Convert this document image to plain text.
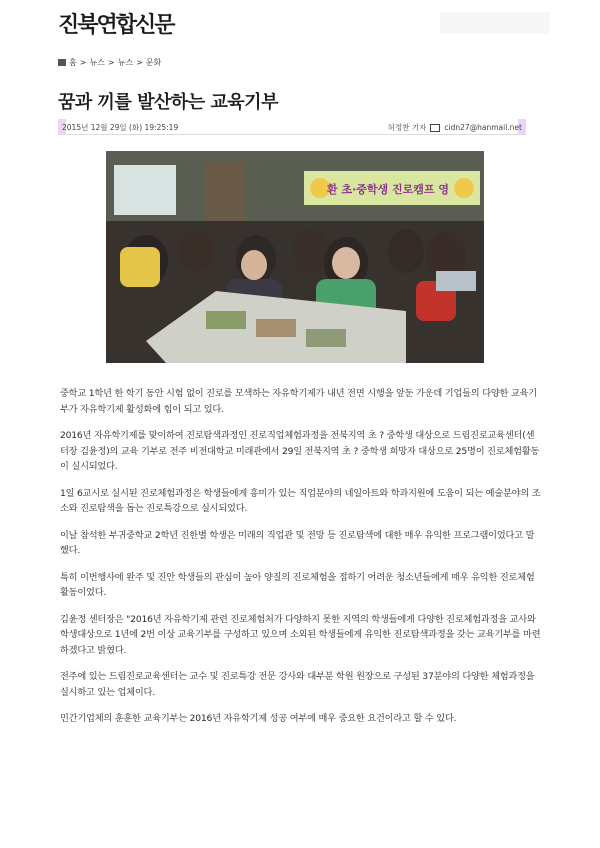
진북연합신문
홈 > 뉴스 > 뉴스 > 문화
꿈과 끼를 발산하는 교육기부
2015년 12월 29일 (화) 19:25:19	허정찬 기자 cidn27@hanmail.net
환 초·중학생 진로캠프 영

중학교 1학년 한 학기 동안 시험 없이 진로를 모색하는 자유학기제가 내년 전면 시행을 앞둔 가운데 기업들의 다양한 교육기부가 자유학기제 활성화에 힘이 되고 있다.

2016년 자유학기제를 맞이하여 진로탐색과정인 진로직업체험과정을 전북지역 초 ? 중학생 대상으로 드림진로교육센터(센터장 김윤정)의 교육 기부로 전주 비전대학교 미래관에서 29일 전북지역 초 ? 중학생 희망자 대상으로 25명이 진로체험활동이 실시되었다.

1일 6교시로 실시된 진로체험과정은 학생들에게 흥미가 있는 직업분야의 네일아트와 학과지원에 도움이 되는 예술분야의 조소와 진로탐색을 돕는 진로특강으로 실시되었다.

이날 참석한 부귀중학교 2학년 진한별 학생은 미래의 직업관 및 전망 등 진로탐색에 대한 매우 유익한 프로그램이었다고 말했다.

특히 이번행사에 완주 및 진안 학생들의 관심이 높아 양질의 진로체험을 접하기 어려운 청소년들에게 매우 유익한 진로체험 활동이었다.

김윤정 센터장은 "2016년 자유학기제 관련 진로체험처가 다양하지 못한 지역의 학생들에게 다양한 진로체험과정을 교사와 학생대상으로 1년에 2번 이상 교육기부를 구성하고 있으며 소외된 학생들에게 유익한 진로탐색과정을 갖는 교육기부를 마련하겠다고 밝혔다.

전주에 있는 드림진로교육센터는 교수 및 진로특강 전문 강사와 대부분 학원 원장으로 구성된 37분야의 다양한 체험과정을 실시하고 있는 업체이다.

민간기업체의 훈훈한 교육기부는 2016년 자유학기제 성공 여부에 매우 중요한 요건이라고 할 수 있다.
